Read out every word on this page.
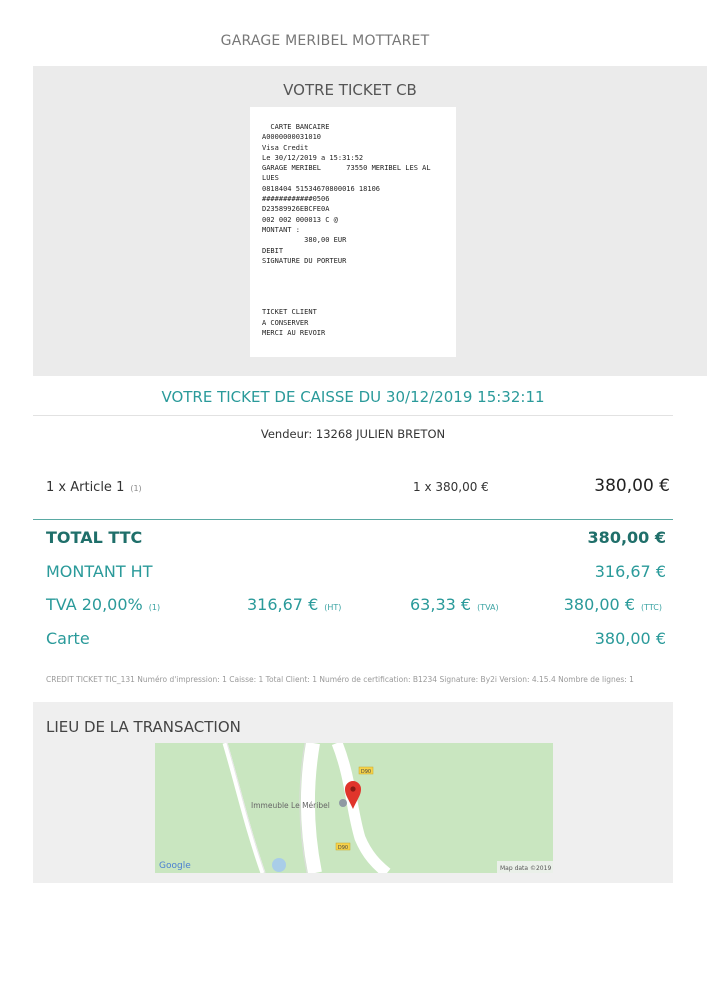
GARAGE MERIBEL MOTTARET
VOTRE TICKET CB
CARTE BANCAIRE
A0000000031010
Visa Credit
Le 30/12/2019 a 15:31:52
GARAGE MERIBEL      73550 MERIBEL LES AL
LUES
0818404 51534670800016 18106
############0506
D23589926EBCFE0A
002 002 000013 C @
MONTANT :
380,00 EUR
DEBIT
SIGNATURE DU PORTEUR
TICKET CLIENT
A CONSERVER
MERCI AU REVOIR
VOTRE TICKET DE CAISSE DU 30/12/2019 15:32:11
Vendeur: 13268 JULIEN BRETON
1 x Article 1 (1)	1 x 380,00 €	380,00 €
TOTAL TTC	380,00 €
MONTANT HT	316,67 €
TVA 20,00% (1)	316,67 € (HT)	63,33 € (TVA)	380,00 € (TTC)
Carte	380,00 €
CREDIT TICKET TIC_131 Numéro d'impression: 1 Caisse: 1 Total Client: 1 Numéro de certification: B1234 Signature: By2i Version: 4.15.4 Nombre de lignes: 1
LIEU DE LA TRANSACTION
D90
D90
Immeuble Le Méribel
Google	Map data ©2019
